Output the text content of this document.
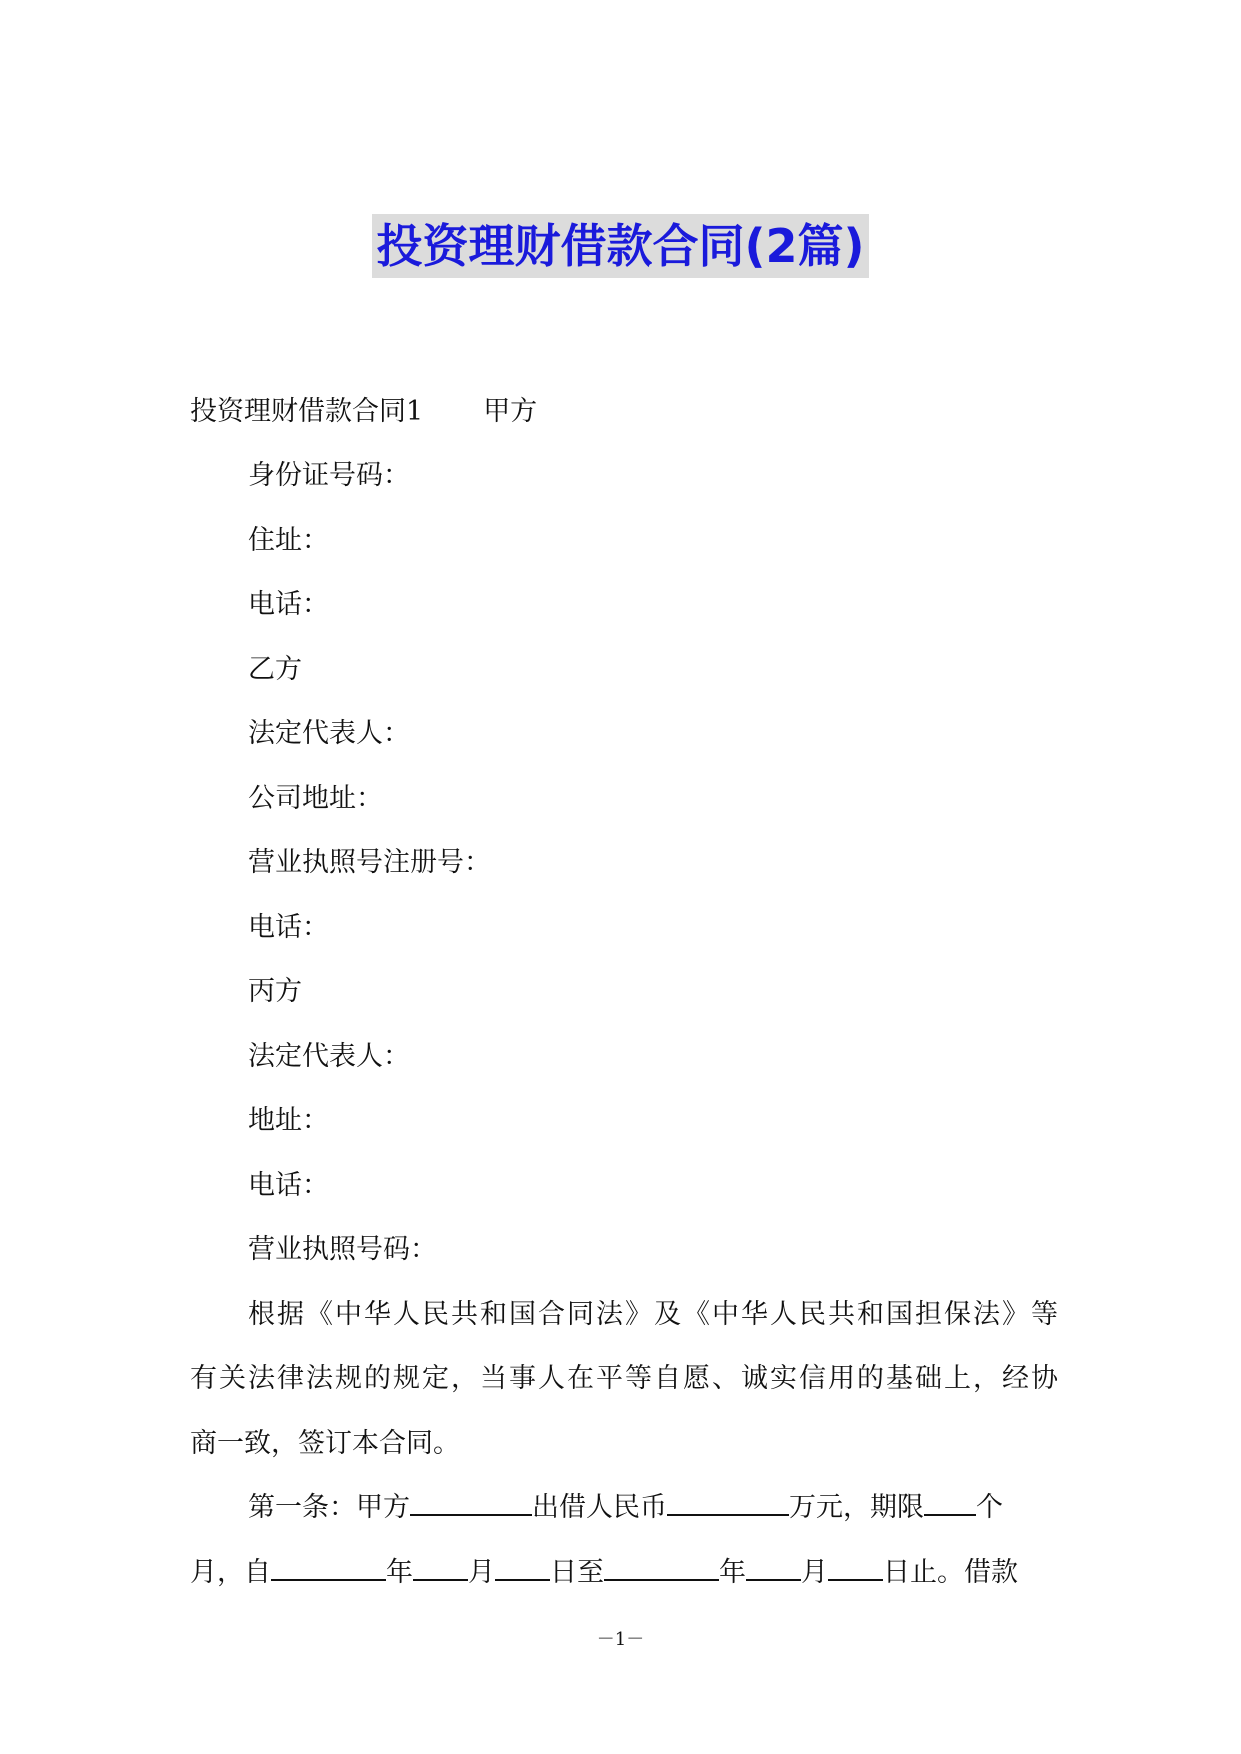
投资理财借款合同(2篇)
投资理财借款合同1 甲方
身份证号码：
住址：
电话：
乙方
法定代表人：
公司地址：
营业执照号注册号：
电话：
丙方
法定代表人：
地址：
电话：
营业执照号码：
根据《中华人民共和国合同法》及《中华人民共和国担保法》等
有关法律法规的规定，当事人在平等自愿、诚实信用的基础上，经协
商一致，签订本合同。
第一条：甲方	出借人民币	万元，期限 个
月，自	年 月 日至	年 月 日止。借款
－1－
